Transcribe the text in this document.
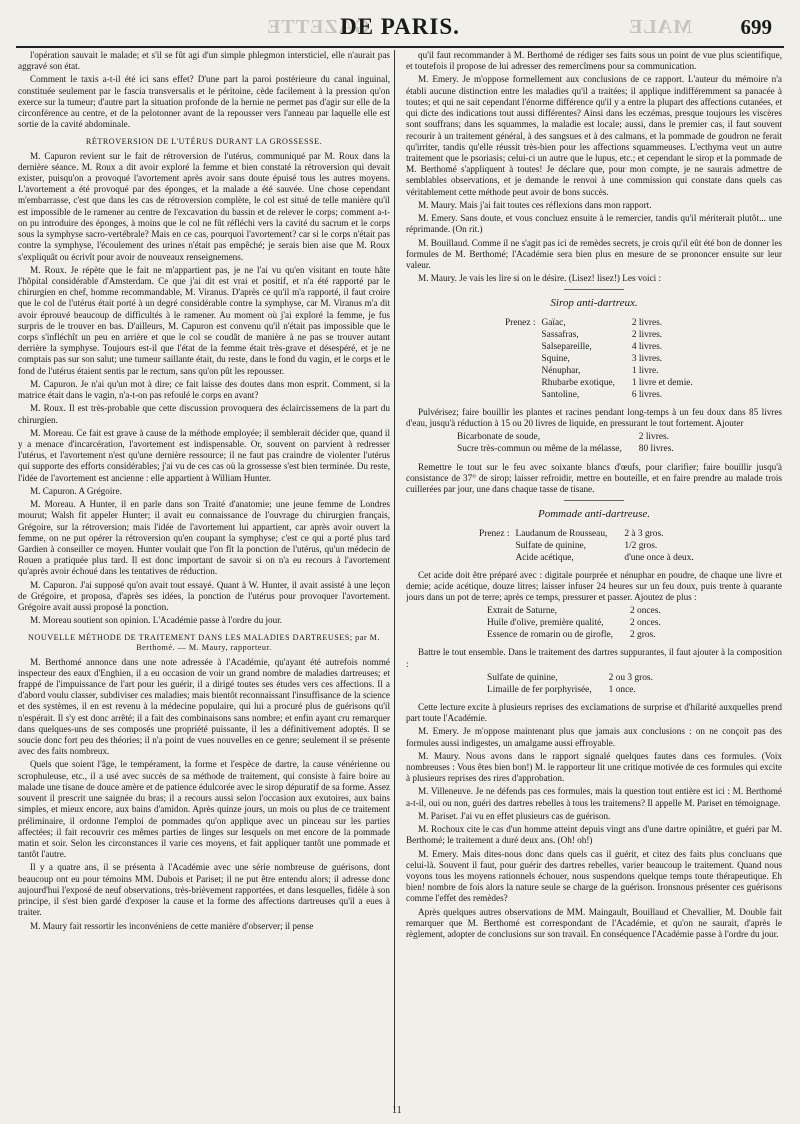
GAZETTE
DE PARIS.	MALE 699

l'opération sauvait le malade; et s'il se fût agi d'un simple phlegmon intersticiel, elle n'aurait pas aggravé son état.

Comment le taxis a-t-il été ici sans effet? D'une part la paroi postérieure du canal inguinal, constituée seulement par le fascia transversalis et le péritoine, cède facilement à la pression qu'on exerce sur la tumeur; d'autre part la situation profonde de la hernie ne permet pas d'agir sur elle de la circonférence au centre, et de la pelotonner avant de la repousser vers l'anneau par laquelle elle est sortie de la cavité abdominale.

RÉTROVERSION DE L'UTÉRUS DURANT LA GROSSESSE.

M. Capuron revient sur le fait de rétroversion de l'utérus, communiqué par M. Roux dans la dernière séance. M. Roux a dit avoir exploré la femme et bien constaté la rétroversion qui devait exister, puisqu'on a provoqué l'avortement après avoir sans doute épuisé tous les autres moyens. L'avortement a été provoqué par des éponges, et la malade a été sauvée. Une chose cependant m'embarrasse, c'est que dans les cas de rétroversion complète, le col est situé de telle manière qu'il est impossible de le ramener au centre de l'excavation du bassin et de relever le corps; comment a-t-on pu introduire des éponges, à moins que le col ne fût réfléchi vers la cavité du sacrum et le corps sous la symphyse sacro-vertébrale? Mais en ce cas, pourquoi l'avortement? car si le corps n'était pas contre la symphyse, l'écoulement des urines n'était pas empêché; je serais bien aise que M. Roux s'expliquât ou écrivît pour avoir de nouveaux renseignemens.

M. Roux. Je répète que le fait ne m'appartient pas, je ne l'ai vu qu'en visitant en toute hâte l'hôpital considérable d'Amsterdam. Ce que j'ai dit est vrai et positif, et n'a été rapporté par le chirurgien en chef, homme recommandable, M. Viranus. D'après ce qu'il m'a rapporté, il faut croire que le col de l'utérus était porté à un degré considérable contre la symphyse, car M. Viranus m'a dit avoir éprouvé beaucoup de difficultés à le ramener. Au moment où j'ai exploré la femme, je fus surpris de le trouver en bas. D'ailleurs, M. Capuron est convenu qu'il n'était pas impossible que le corps s'infléchît un peu en arrière et que le col se coudât de manière à ne pas se trouver autant derrière la symphyse. Toujours est-il que l'état de la femme était très-grave et désespéré, et je ne comptais pas sur son salut; une tumeur saillante était, du reste, dans le fond du vagin, et le corps et le fond de l'utérus étaient sentis par le rectum, sans qu'on pût les repousser.

M. Capuron. Je n'ai qu'un mot à dire; ce fait laisse des doutes dans mon esprit. Comment, si la matrice était dans le vagin, n'a-t-on pas refoulé le corps en avant?

M. Roux. Il est très-probable que cette discussion provoquera des éclaircissemens de la part du chirurgien.

M. Moreau. Ce fait est grave à cause de la méthode employée; il semblerait décider que, quand il y a menace d'incarcération, l'avortement est indispensable. Or, souvent on parvient à redresser l'utérus, et l'avortement n'est qu'une dernière ressource; il ne faut pas craindre de violenter l'utérus qui supporte des efforts considérables; j'ai vu de ces cas où la grossesse s'est bien terminée. Du reste, l'idée de l'avortement est ancienne : elle appartient à William Hunter.

M. Capuron. A Grégoire.

M. Moreau. A Hunter, il en parle dans son Traité d'anatomie; une jeune femme de Londres mourut; Walsh fit appeler Hunter; il avait eu connaissance de l'ouvrage du chirurgien français, Grégoire, sur la rétroversion; mais l'idée de l'avortement lui appartient, car après avoir ouvert la femme, on ne put opérer la rétroversion qu'en coupant la symphyse; c'est ce qui a porté plus tard Gardien à conseiller ce moyen. Hunter voulait que l'on fît la ponction de l'utérus, qu'un médecin de Rouen a pratiquée plus tard. Il est donc important de savoir si on n'a eu recours à l'avortement qu'après avoir échoué dans les tentatives de réduction.

M. Capuron. J'ai supposé qu'on avait tout essayé. Quant à W. Hunter, il avait assisté à une leçon de Grégoire, et proposa, d'après ses idées, la ponction de l'utérus pour provoquer l'avortement. Grégoire avait aussi proposé la ponction.

M. Moreau soutient son opinion. L'Académie passe à l'ordre du jour.

NOUVELLE MÉTHODE DE TRAITEMENT DANS LES MALADIES DARTREUSES; par M. Berthomé. — M. Maury, rapporteur.

M. Berthomé annonce dans une note adressée à l'Académie, qu'ayant été autrefois nommé inspecteur des eaux d'Enghien, il a eu occasion de voir un grand nombre de maladies dartreuses; et frappé de l'impuissance de l'art pour les guérir, il a dirigé toutes ses études vers ces affections. Il a d'abord voulu classer, subdiviser ces maladies; mais bientôt reconnaissant l'insuffisance de la science et des systèmes, il en est revenu à la médecine populaire, qui lui a procuré plus de guérisons qu'il n'espérait. Il s'y est donc arrêté; il a fait des combinaisons sans nombre; et enfin ayant cru remarquer dans quelques-uns de ses composés une propriété puissante, il les a définitivement adoptés. Il se soucie donc fort peu des théories; il n'a point de vues nouvelles en ce genre; seulement il se présente avec des faits nombreux.

Quels que soient l'âge, le tempérament, la forme et l'espèce de dartre, la cause vénérienne ou scrophuleuse, etc., il a usé avec succès de sa méthode de traitement, qui consiste à faire boire au malade une tisane de douce amère et de patience édulcorée avec le sirop dépuratif de sa forme. Assez souvent il prescrit une saignée du bras; il a recours aussi selon l'occasion aux exutoires, aux bains simples, et mieux encore, aux bains d'amidon. Après quinze jours, un mois ou plus de ce traitement préliminaire, il ordonne l'emploi de pommades qu'on applique avec un pinceau sur les parties affectées; il fait recouvrir ces mêmes parties de linges sur lesquels on met encore de la pommade matin et soir. Selon les circonstances il varie ces moyens, et fait appliquer tantôt une pommade et tantôt l'autre.

Il y a quatre ans, il se présenta à l'Académie avec une série nombreuse de guérisons, dont beaucoup ont eu pour témoins MM. Dubois et Pariset; il ne put être entendu alors; il adresse donc aujourd'hui l'exposé de neuf observations, très-brièvement rapportées, et dans lesquelles, fidèle à son principe, il s'est bien gardé d'exposer la cause et la forme des affections dartreuses qu'il a eues à traiter.

M. Maury fait ressortir les inconvéniens de cette manière d'observer; il pense

qu'il faut recommander à M. Berthomé de rédiger ses faits sous un point de vue plus scientifique, et toutefois il propose de lui adresser des remercîmens pour sa communication.

M. Emery. Je m'oppose formellement aux conclusions de ce rapport. L'auteur du mémoire n'a établi aucune distinction entre les maladies qu'il a traitées; il applique indifféremment sa panacée à toutes; et qui ne sait cependant l'énorme différence qu'il y a entre la plupart des affections cutanées, et qui dicte des indications tout aussi différentes? Ainsi dans les eczémas, presque toujours les viscères sont souffrans; dans les squammes, la maladie est locale; aussi, dans le premier cas, il faut souvent recourir à un traitement général, à des sangsues et à des calmans, et la pommade de goudron ne ferait qu'irriter, tandis qu'elle réussit très-bien pour les affections squammeuses. L'ecthyma veut un autre traitement que le psoriasis; celui-ci un autre que le lupus, etc.; et cependant le sirop et la pommade de M. Berthomé s'appliquent à toutes! Je déclare que, pour mon compte, je ne saurais admettre de semblables observations, et je demande le renvoi à une commission qui constate dans quels cas véritablement cette méthode peut avoir de bons succès.

M. Maury. Mais j'ai fait toutes ces réflexions dans mon rapport.

M. Emery. Sans doute, et vous concluez ensuite à le remercier, tandis qu'il mériterait plutôt... une réprimande. (On rit.)

M. Bouillaud. Comme il ne s'agit pas ici de remèdes secrets, je crois qu'il eût été bon de donner les formules de M. Berthomé; l'Académie sera bien plus en mesure de se prononcer ensuite sur leur valeur.

M. Maury. Je vais les lire si on le désire. (Lisez! lisez!) Les voici :

Sirop anti-dartreux.

Prenez :	Gaïac,	2 livres.
	Sassafras,	2 livres.
	Salsepareille,	4 livres.
	Squine,	3 livres.
	Nénuphar,	1 livre.
	Rhubarbe exotique,	1 livre et demie.
	Santoline,	6 livres.

Pulvérisez; faire bouillir les plantes et racines pendant long-temps à un feu doux dans 85 livres d'eau, jusqu'à réduction à 15 ou 20 livres de liquide, en pressurant le tout fortement. Ajouter

Bicarbonate de soude,	2 livres.
Sucre très-commun ou même de la mélasse,	80 livres.

Remettre le tout sur le feu avec soixante blancs d'œufs, pour clarifier; faire bouillir jusqu'à consistance de 37° de sirop; laisser refroidir, mettre en bouteille, et en faire prendre au malade trois cuillerées par jour, une dans chaque tasse de tisane.

Pommade anti-dartreuse.

Prenez :	Laudanum de Rousseau,	2 à 3 gros.
	Sulfate de quinine,	1/2 gros.
	Acide acétique,	d'une once à deux.

Cet acide doit être préparé avec : digitale pourprée et nénuphar en poudre, de chaque une livre et demie; acide acétique, douze litres; laisser infuser 24 heures sur un feu doux, puis trente à quarante jours dans un pot de terre; après ce temps, pressurer et passer. Ajoutez de plus :

Extrait de Saturne,	2 onces.
Huile d'olive, première qualité,	2 onces.
Essence de romarin ou de girofle,	2 gros.

Battre le tout ensemble. Dans le traitement des dartres suppurantes, il faut ajouter à la composition :

Sulfate de quinine,	2 ou 3 gros.
Limaille de fer porphyrisée,	1 once.

Cette lecture excite à plusieurs reprises des exclamations de surprise et d'hilarité auxquelles prend part toute l'Académie.

M. Emery. Je m'oppose maintenant plus que jamais aux conclusions : on ne conçoit pas des formules aussi indigestes, un amalgame aussi effroyable.

M. Maury. Nous avons dans le rapport signalé quelques fautes dans ces formules. (Voix nombreuses : Vous êtes bien bon!) M. le rapporteur lit une critique motivée de ces formules qui excite à plusieurs reprises des rires d'approbation.

M. Villeneuve. Je ne défends pas ces formules, mais la question tout entière est ici : M. Berthomé a-t-il, oui ou non, guéri des dartres rebelles à tous les traitemens? Il appelle M. Pariset en témoignage.

M. Pariset. J'ai vu en effet plusieurs cas de guérison.

M. Rochoux cite le cas d'un homme atteint depuis vingt ans d'une dartre opiniâtre, et guéri par M. Berthomé; le traitement a duré deux ans. (Oh! oh!)

M. Emery. Mais dites-nous donc dans quels cas il guérit, et citez des faits plus concluans que celui-là. Souvent il faut, pour guérir des dartres rebelles, varier beaucoup le traitement. Quand nous voyons tous les moyens rationnels échouer, nous suspendons quelque temps toute thérapeutique. Eh bien! nombre de fois alors la nature seule se charge de la guérison. Ironsnous présenter ces guérisons comme l'effet des remèdes?

Après quelques autres observations de MM. Maingault, Bouillaud et Chevallier, M. Double fait remarquer que M. Berthomé est correspondant de l'Académie, et qu'on ne saurait, d'après le règlement, adopter de conclusions sur son travail. En conséquence l'Académie passe à l'ordre du jour.

11
